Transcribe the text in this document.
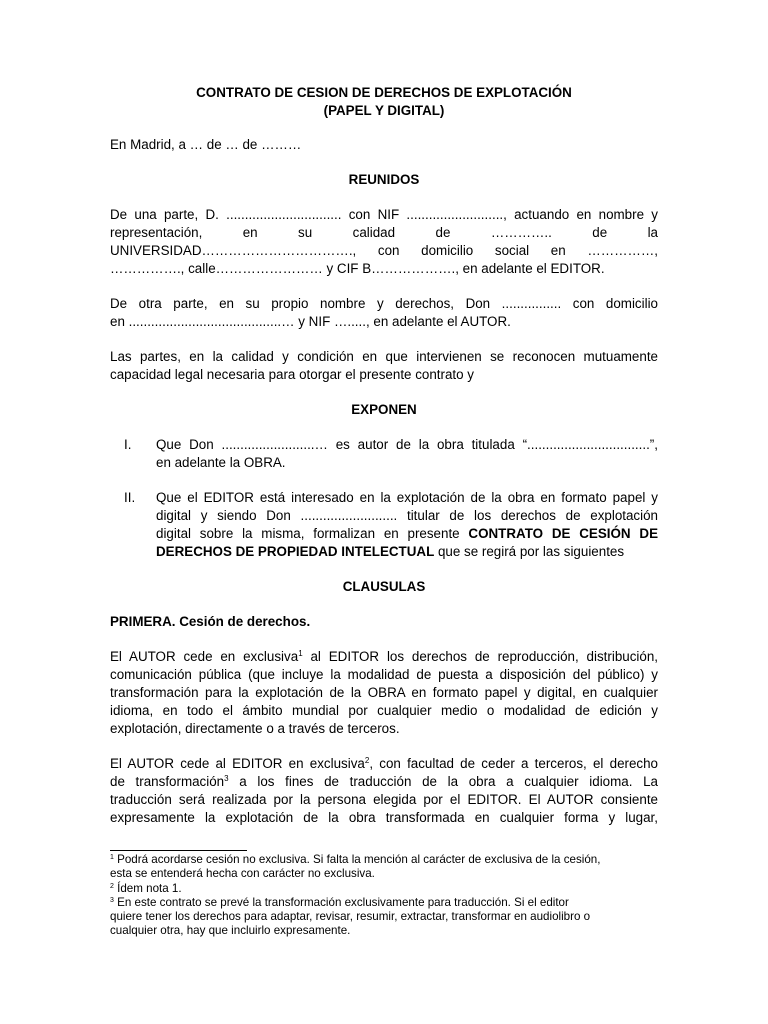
CONTRATO DE CESION DE DERECHOS DE EXPLOTACIÓN
(PAPEL Y DIGITAL)

En Madrid, a … de … de ………

REUNIDOS
De una parte, D. ............................... con NIF .........................., actuando en nombre y
representación, en su calidad de ………….. de la
UNIVERSIDAD……………………………., con domicilio social en ……………,
……………., calle…………………… y CIF B………………., en adelante el EDITOR.
De otra parte, en su propio nombre y derechos, Don ................ con domicilio
en .........................................… y NIF …....., en adelante el AUTOR.
Las partes, en la calidad y condición en que intervienen se reconocen mutuamente
capacidad legal necesaria para otorgar el presente contrato y
EXPONEN
I. Que Don .........................… es autor de la obra titulada “.................................”,
en adelante la OBRA.
II. Que el EDITOR está interesado en la explotación de la obra en formato papel y
digital y siendo Don .......................... titular de los derechos de explotación
digital sobre la misma, formalizan en presente CONTRATO DE CESIÓN DE
DERECHOS DE PROPIEDAD INTELECTUAL que se regirá por las siguientes
CLAUSULAS
PRIMERA. Cesión de derechos.
El AUTOR cede en exclusiva$^1$ al EDITOR los derechos de reproducción, distribución,
comunicación pública (que incluye la modalidad de puesta a disposición del público) y
transformación para la explotación de la OBRA en formato papel y digital, en cualquier
idioma, en todo el ámbito mundial por cualquier medio o modalidad de edición y
explotación, directamente o a través de terceros.
El AUTOR cede al EDITOR en exclusiva$^2$, con facultad de ceder a terceros, el derecho
de transformación$^3$ a los fines de traducción de la obra a cualquier idioma. La
traducción será realizada por la persona elegida por el EDITOR. El AUTOR consiente
expresamente la explotación de la obra transformada en cualquier forma y lugar,
$^1$ Podrá acordarse cesión no exclusiva. Si falta la mención al carácter de exclusiva de la cesión,
esta se entenderá hecha con carácter no exclusiva.
$^2$ Ídem nota 1.
$^3$ En este contrato se prevé la transformación exclusivamente para traducción. Si el editor
quiere tener los derechos para adaptar, revisar, resumir, extractar, transformar en audiolibro o
cualquier otra, hay que incluirlo expresamente.
